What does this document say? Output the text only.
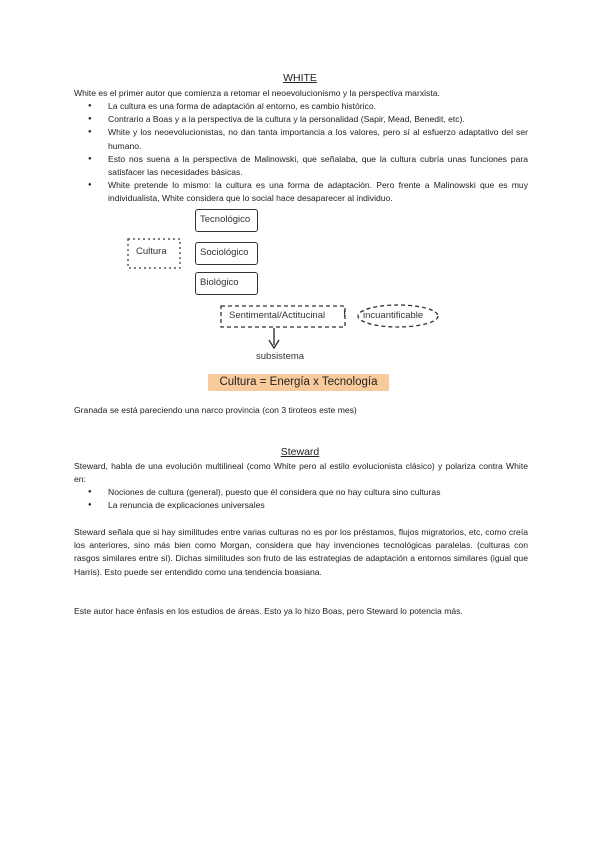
WHITE

White es el primer autor que comienza a retomar el neoevolucionismo y la perspectiva marxista.

● La cultura es una forma de adaptación al entorno, es cambio histórico.
● Contrario a Boas y a la perspectiva de la cultura y la personalidad (Sapir, Mead, Benedit, etc).
● White y los neoevolucionistas, no dan tanta importancia a los valores, pero sí al esfuerzo adaptativo del ser humano.
● Esto nos suena a la perspectiva de Malinowski, que señalaba, que la cultura cubría unas funciones para satisfacer las necesidades básicas.
● White pretende lo mismo: la cultura es una forma de adaptación. Pero frente a Malinowski que es muy individualista, White considera que lo social hace desaparecer al individuo.
Cultura
Tecnológico
Sociológico
Biológico
Sentimental/Actitucinal ! incuantificable
subsistema
Cultura = Energía x Tecnología

Granada se está pareciendo una narco provincia (con 3 tiroteos este mes)

Steward

Steward, habla de una evolución multilineal (como White pero al estilo evolucionista clásico) y polariza contra White en:

● Nociones de cultura (general), puesto que él considera que no hay cultura sino culturas
● La renuncia de explicaciones universales

Steward señala que si hay similitudes entre varias culturas no es por los préstamos, flujos migratorios, etc, como creía los anteriores, sino más bien como Morgan, considera que hay invenciones tecnológicas paralelas. (culturas con rasgos similares entre sí). Dichas similitudes son fruto de las estrategias de adaptación a entornos similares (igual que Harris). Esto puede ser entendido como una tendencia boasiana.

Este autor hace énfasis en los estudios de áreas. Esto ya lo hizo Boas, pero Steward lo potencia más.
